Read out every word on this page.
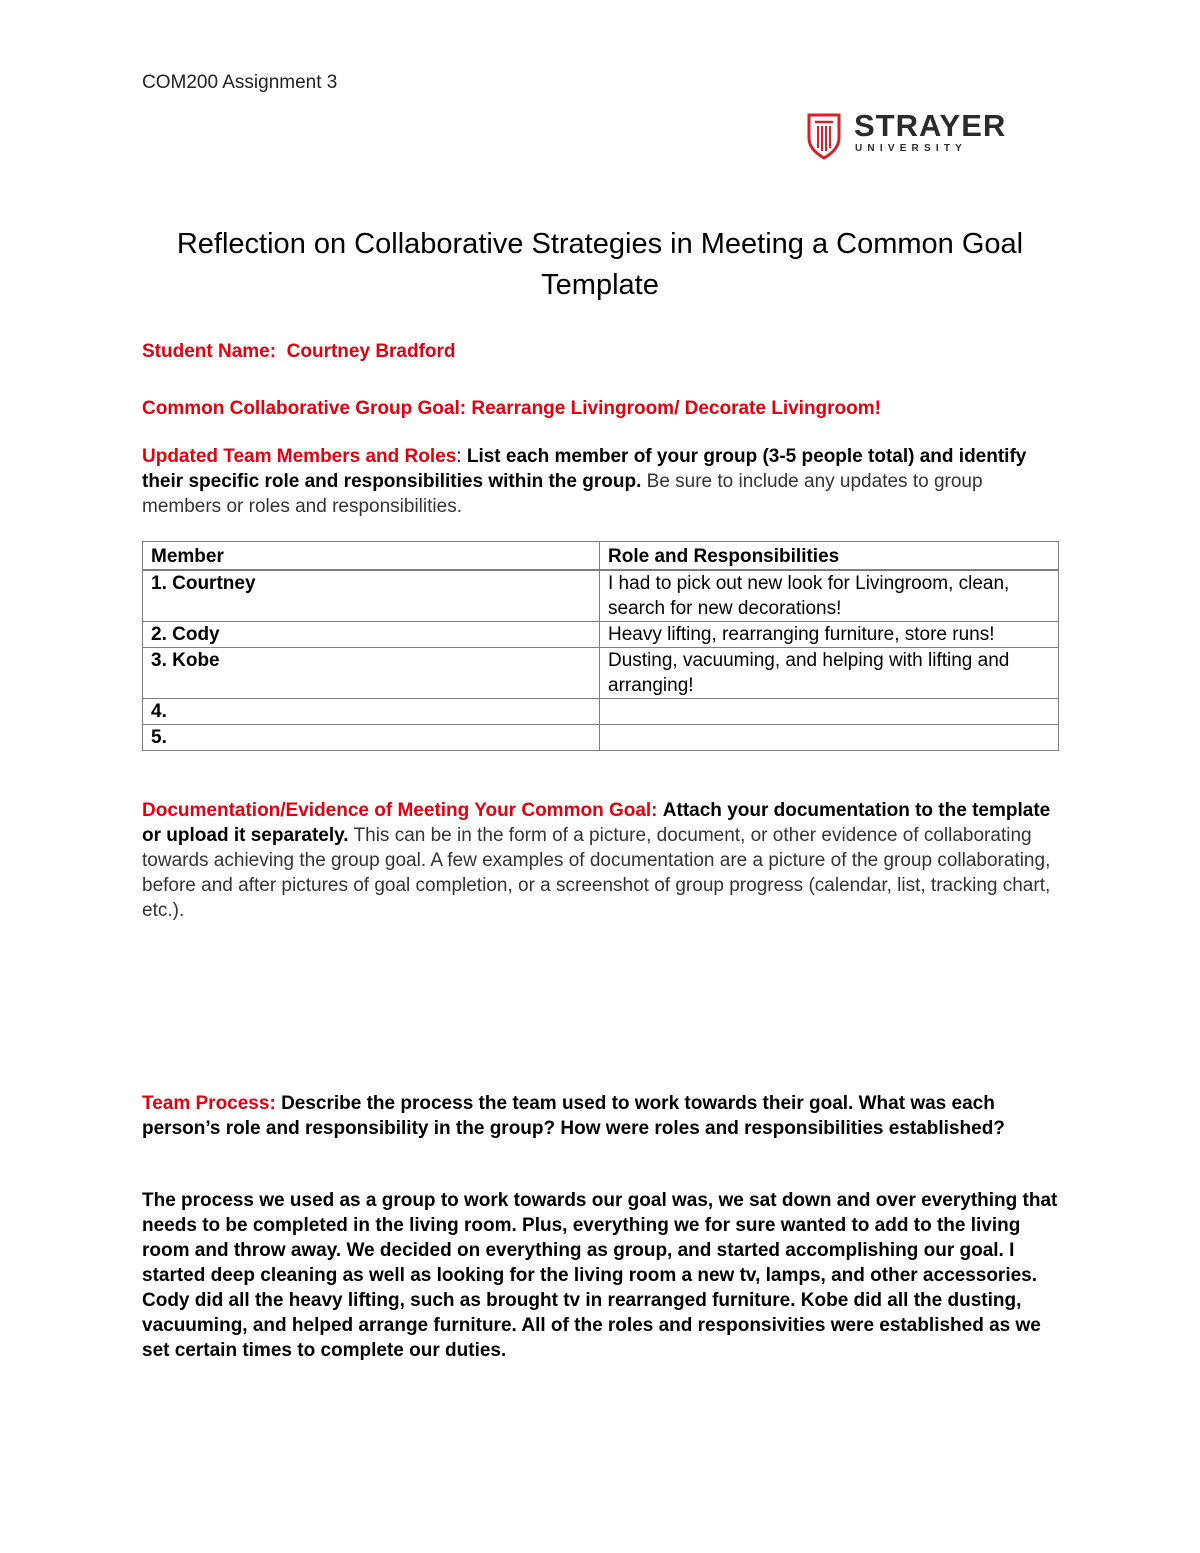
COM200 Assignment 3
STRAYER
UNIVERSITY
Reflection on Collaborative Strategies in Meeting a Common Goal
Template
Student Name: Courtney Bradford
Common Collaborative Group Goal: Rearrange Livingroom/ Decorate Livingroom!
Updated Team Members and Roles: List each member of your group (3-5 people total) and identify their specific role and responsibilities within the group. Be sure to include any updates to group members or roles and responsibilities.
Member	Role and Responsibilities
1. Courtney	I had to pick out new look for Livingroom, clean, search for new decorations!
2. Cody	Heavy lifting, rearranging furniture, store runs!
3. Kobe	Dusting, vacuuming, and helping with lifting and arranging!
4.	
5.	
Documentation/Evidence of Meeting Your Common Goal: Attach your documentation to the template or upload it separately. This can be in the form of a picture, document, or other evidence of collaborating towards achieving the group goal. A few examples of documentation are a picture of the group collaborating, before and after pictures of goal completion, or a screenshot of group progress (calendar, list, tracking chart, etc.).
Team Process: Describe the process the team used to work towards their goal. What was each person’s role and responsibility in the group? How were roles and responsibilities established?
The process we used as a group to work towards our goal was, we sat down and over everything that needs to be completed in the living room. Plus, everything we for sure wanted to add to the living room and throw away. We decided on everything as group, and started accomplishing our goal. I started deep cleaning as well as looking for the living room a new tv, lamps, and other accessories. Cody did all the heavy lifting, such as brought tv in rearranged furniture. Kobe did all the dusting, vacuuming, and helped arrange furniture. All of the roles and responsivities were established as we set certain times to complete our duties.
